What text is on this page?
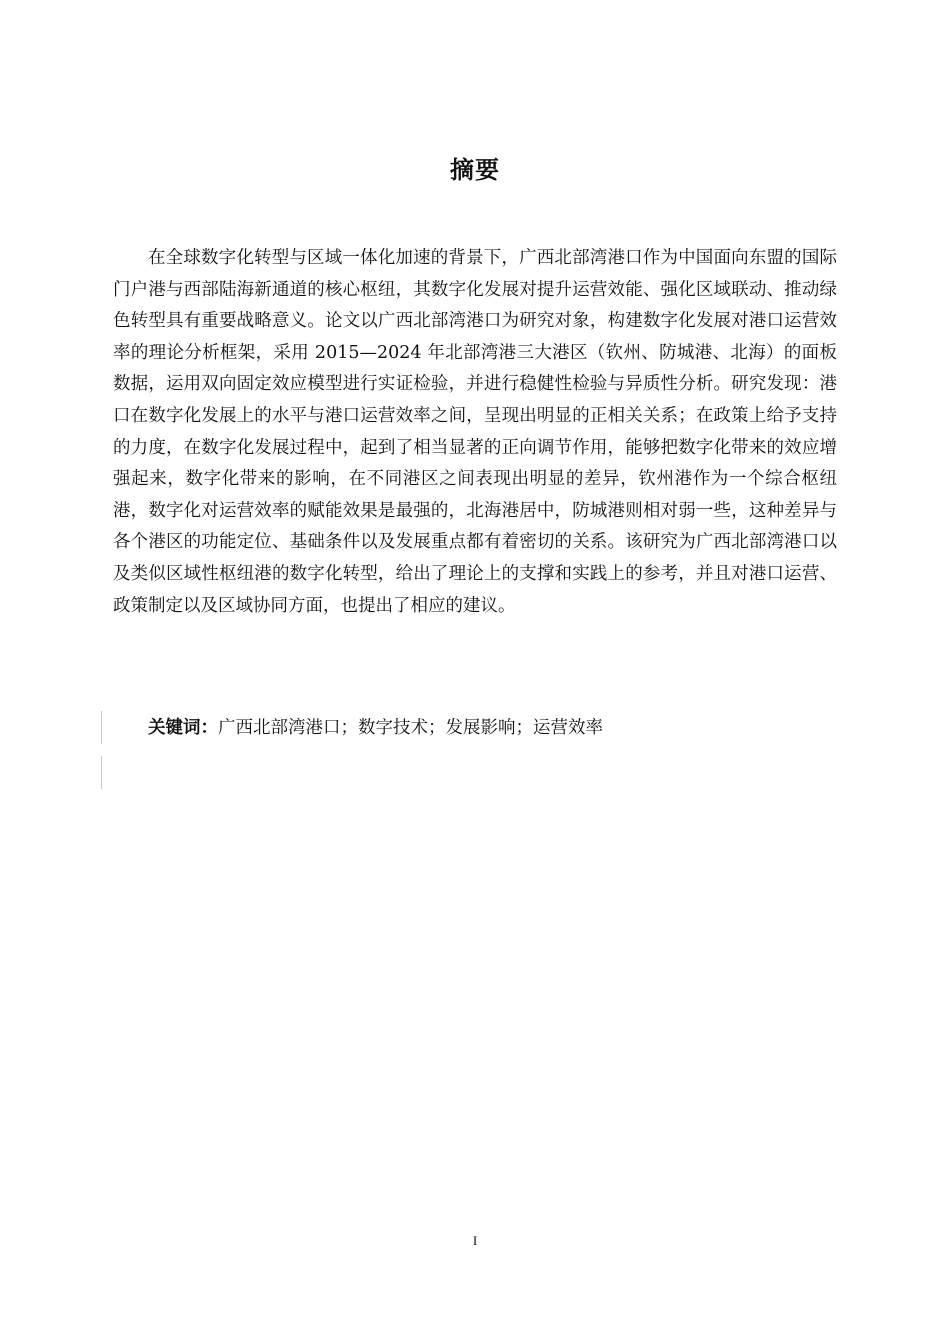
摘要

在全球数字化转型与区域一体化加速的背景下，广西北部湾港口作为中国面向东盟的国际门户港与西部陆海新通道的核心枢纽，其数字化发展对提升运营效能、强化区域联动、推动绿色转型具有重要战略意义。论文以广西北部湾港口为研究对象，构建数字化发展对港口运营效率的理论分析框架，采用 2015—2024 年北部湾港三大港区（钦州、防城港、北海）的面板数据，运用双向固定效应模型进行实证检验，并进行稳健性检验与异质性分析。研究发现：港口在数字化发展上的水平与港口运营效率之间，呈现出明显的正相关关系；在政策上给予支持的力度，在数字化发展过程中，起到了相当显著的正向调节作用，能够把数字化带来的效应增强起来，数字化带来的影响，在不同港区之间表现出明显的差异，钦州港作为一个综合枢纽港，数字化对运营效率的赋能效果是最强的，北海港居中，防城港则相对弱一些，这种差异与各个港区的功能定位、基础条件以及发展重点都有着密切的关系。该研究为广西北部湾港口以及类似区域性枢纽港的数字化转型，给出了理论上的支撑和实践上的参考，并且对港口运营、政策制定以及区域协同方面，也提出了相应的建议。

关键词：广西北部湾港口；数字技术；发展影响；运营效率
I
